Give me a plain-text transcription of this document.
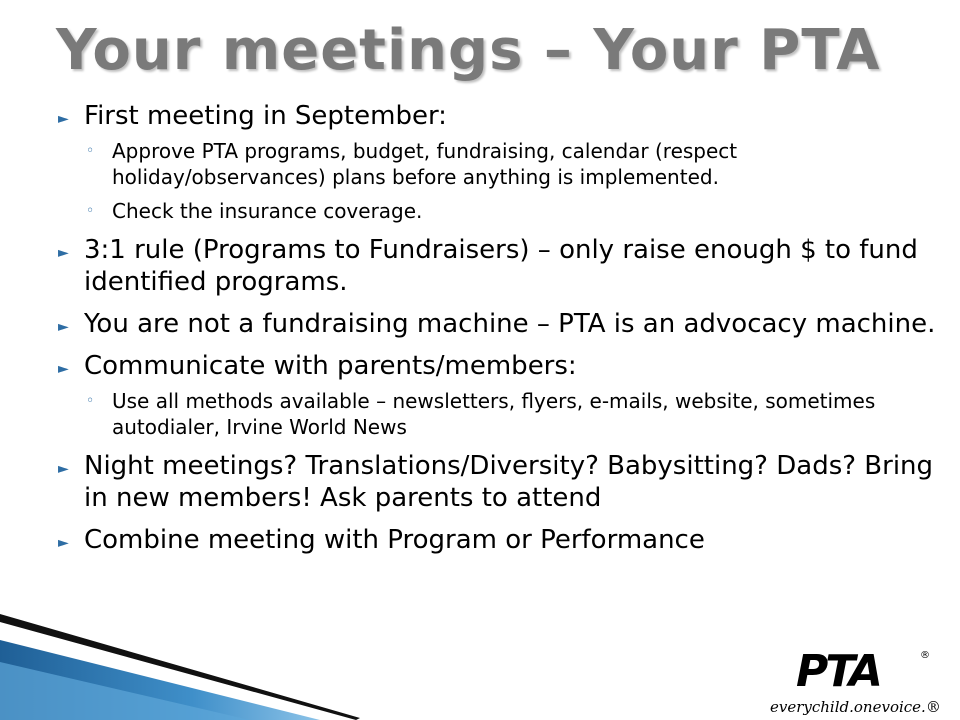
Your meetings – Your PTA
► First meeting in September:
◦ Approve PTA programs, budget, fundraising, calendar (respect holiday/observances) plans before anything is implemented.
◦ Check the insurance coverage.
► 3:1 rule (Programs to Fundraisers) – only raise enough $ to fund identified programs.
► You are not a fundraising machine – PTA is an advocacy machine.
► Communicate with parents/members:
◦ Use all methods available – newsletters, flyers, e-mails, website, sometimes autodialer, Irvine World News
► Night meetings? Translations/Diversity? Babysitting? Dads? Bring in new members! Ask parents to attend
► Combine meeting with Program or Performance
PTA	®
everychild.onevoice.®
